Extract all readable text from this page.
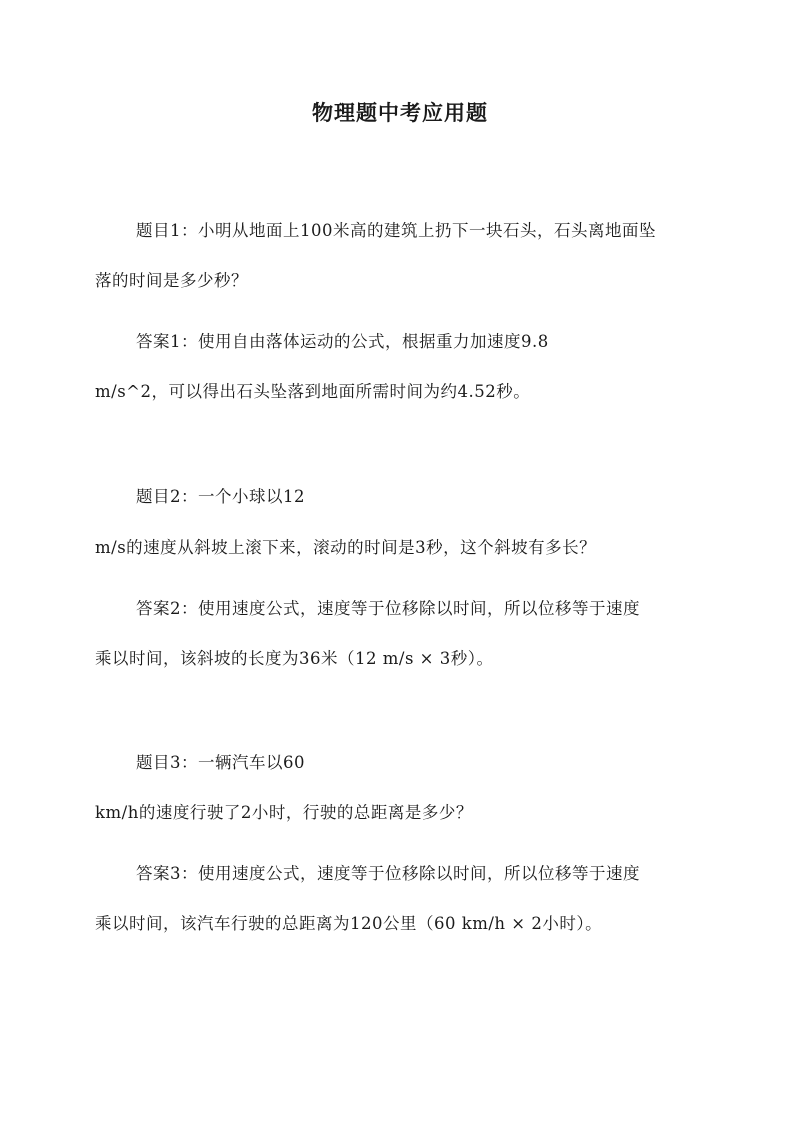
物理题中考应用题
题目1：小明从地面上100米高的建筑上扔下一块石头，石头离地面坠
落的时间是多少秒？
答案1：使用自由落体运动的公式，根据重力加速度9.8
m/s^2，可以得出石头坠落到地面所需时间为约4.52秒。
题目2：一个小球以12
m/s的速度从斜坡上滚下来，滚动的时间是3秒，这个斜坡有多长？
答案2：使用速度公式，速度等于位移除以时间，所以位移等于速度
乘以时间，该斜坡的长度为36米（12 m/s × 3秒）。
题目3：一辆汽车以60
km/h的速度行驶了2小时，行驶的总距离是多少？
答案3：使用速度公式，速度等于位移除以时间，所以位移等于速度
乘以时间，该汽车行驶的总距离为120公里（60 km/h × 2小时）。
